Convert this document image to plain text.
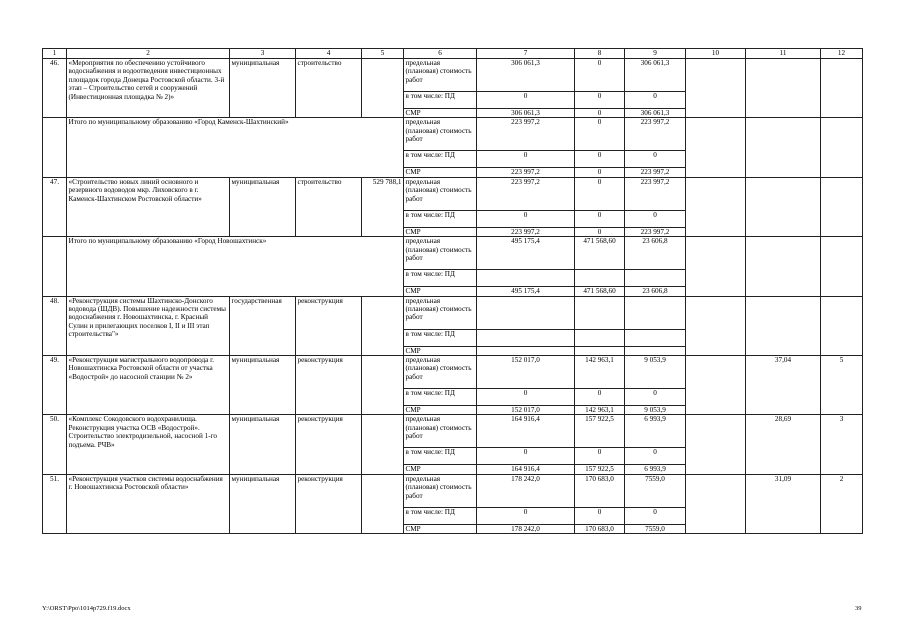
1	2	3	4	5	6	7	8	9	10	11	12
46.	«Мероприятия по обеспечению устойчивого водоснабжения и водоотведения инвестиционных площадок города Донецка Ростовской области. 3-й этап – Строительство сетей и сооружений (Инвестиционная площадка № 2)»	муниципальная	строительство		предельная (плановая) стоимость работ	306 061,3	0	306 061,3			
					в том числе: ПД	0	0	0			
					СМР	306 061,3	0	306 061,3			
	Итого по муниципальному образованию «Город Каменск-Шахтинский»				предельная (плановая) стоимость работ	223 997,2	0	223 997,2			
					в том числе: ПД	0	0	0			
					СМР	223 997,2	0	223 997,2			
47.	«Строительство новых линий основного и резервного водоводов мкр. Лиховского в г. Каменск-Шахтинском Ростовской области»	муниципальная	строительство	529 788,1	предельная (плановая) стоимость работ	223 997,2	0	223 997,2			
					в том числе: ПД	0	0	0			
					СМР	223 997,2	0	223 997,2			
	Итого по муниципальному образованию «Город Новошахтинск»				предельная (плановая) стоимость работ	495 175,4	471 568,60	23 606,8			
					в том числе: ПД						
					СМР	495 175,4	471 568,60	23 606,8			
48.	«Реконструкция системы Шахтинско-Донского водовода (ШДВ). Повышение надежности системы водоснабжения г. Новошахтинска, г. Красный Сулин и прилегающих поселков I, II и III этап строительства"»	государственная	реконструкция		предельная (плановая) стоимость работ						
					в том числе: ПД						
					СМР						
49.	«Реконструкция магистрального водопровода г. Новошахтинска Ростовской области от участка «Водострой» до насосной станции № 2»	муниципальная	реконструкция		предельная (плановая) стоимость работ	152 017,0	142 963,1	9 053,9		37,04	5
					в том числе: ПД	0	0	0			
					СМР	152 017,0	142 963,1	9 053,9			
50.	«Комплекс Сокодовского водохранилища. Реконструкция участка ОСВ «Водострой». Строительство электродизельной, насосной 1-го подъема. РЧВ»	муниципальная	реконструкция		предельная (плановая) стоимость работ	164 916,4	157 922,5	6 993,9		28,69	3
					в том числе: ПД	0	0	0			
					СМР	164 916,4	157 922,5	6 993,9			
51.	«Реконструкция участков системы водоснабжения г. Новошахтинска Ростовской области»	муниципальная	реконструкция		предельная (плановая) стоимость работ	178 242,0	170 683,0	7559,0		31,09	2
					в том числе: ПД	0	0	0			
					СМР	178 242,0	170 683,0	7559,0			
Y:\ORST\Ppo\1014p729.f19.docx	39
